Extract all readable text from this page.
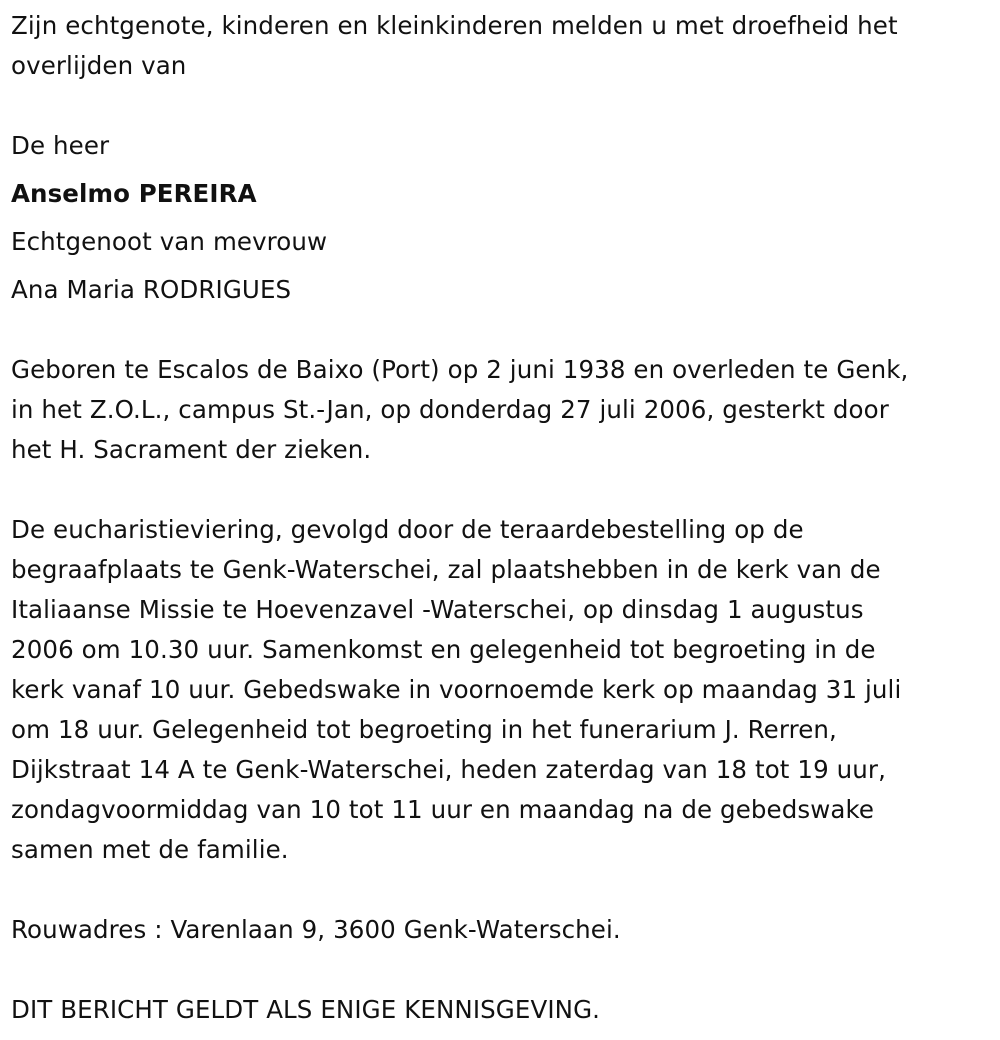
Zijn echtgenote, kinderen en kleinkinderen melden u met droefheid het
overlijden van
De heer
Anselmo PEREIRA
Echtgenoot van mevrouw
Ana Maria RODRIGUES
Geboren te Escalos de Baixo (Port) op 2 juni 1938 en overleden te Genk,
in het Z.O.L., campus St.-Jan, op donderdag 27 juli 2006, gesterkt door
het H. Sacrament der zieken.
De eucharistieviering, gevolgd door de teraardebestelling op de
begraafplaats te Genk-Waterschei, zal plaatshebben in de kerk van de
Italiaanse Missie te Hoevenzavel -Waterschei, op dinsdag 1 augustus
2006 om 10.30 uur. Samenkomst en gelegenheid tot begroeting in de
kerk vanaf 10 uur. Gebedswake in voornoemde kerk op maandag 31 juli
om 18 uur. Gelegenheid tot begroeting in het funerarium J. Rerren,
Dijkstraat 14 A te Genk-Waterschei, heden zaterdag van 18 tot 19 uur,
zondagvoormiddag van 10 tot 11 uur en maandag na de gebedswake
samen met de familie.
Rouwadres : Varenlaan 9, 3600 Genk-Waterschei.
DIT BERICHT GELDT ALS ENIGE KENNISGEVING.
